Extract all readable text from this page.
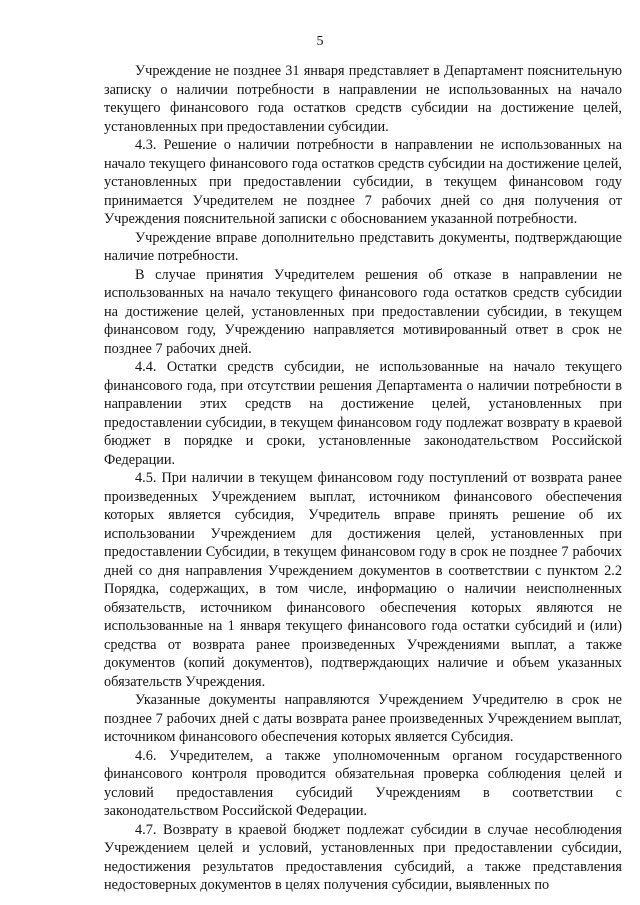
5

Учреждение не позднее 31 января представляет в Департамент пояснительную записку о наличии потребности в направлении не использованных на начало текущего финансового года остатков средств субсидии на достижение целей, установленных при предоставлении субсидии.

4.3. Решение о наличии потребности в направлении не использованных на начало текущего финансового года остатков средств субсидии на достижение целей, установленных при предоставлении субсидии, в текущем финансовом году принимается Учредителем не позднее 7 рабочих дней со дня получения от Учреждения пояснительной записки с обоснованием указанной потребности.

Учреждение вправе дополнительно представить документы, подтверждающие наличие потребности.

В случае принятия Учредителем решения об отказе в направлении не использованных на начало текущего финансового года остатков средств субсидии на достижение целей, установленных при предоставлении субсидии, в текущем финансовом году, Учреждению направляется мотивированный ответ в срок не позднее 7 рабочих дней.

4.4. Остатки средств субсидии, не использованные на начало текущего финансового года, при отсутствии решения Департамента о наличии потребности в направлении этих средств на достижение целей, установленных при предоставлении субсидии, в текущем финансовом году подлежат возврату в краевой бюджет в порядке и сроки, установленные законодательством Российской Федерации.

4.5. При наличии в текущем финансовом году поступлений от возврата ранее произведенных Учреждением выплат, источником финансового обеспечения которых является субсидия, Учредитель вправе принять решение об их использовании Учреждением для достижения целей, установленных при предоставлении Субсидии, в текущем финансовом году в срок не позднее 7 рабочих дней со дня направления Учреждением документов в соответствии с пунктом 2.2 Порядка, содержащих, в том числе, информацию о наличии неисполненных обязательств, источником финансового обеспечения которых являются не использованные на 1 января текущего финансового года остатки субсидий и (или) средства от возврата ранее произведенных Учреждениями выплат, а также документов (копий документов), подтверждающих наличие и объем указанных обязательств Учреждения.

Указанные документы направляются Учреждением Учредителю в срок не позднее 7 рабочих дней с даты возврата ранее произведенных Учреждением выплат, источником финансового обеспечения которых является Субсидия.

4.6. Учредителем, а также уполномоченным органом государственного финансового контроля проводится обязательная проверка соблюдения целей и условий предоставления субсидий Учреждениям в соответствии с законодательством Российской Федерации.

4.7. Возврату в краевой бюджет подлежат субсидии в случае несоблюдения Учреждением целей и условий, установленных при предоставлении субсидии, недостижения результатов предоставления субсидий, а также представления недостоверных документов в целях получения субсидии, выявленных по
